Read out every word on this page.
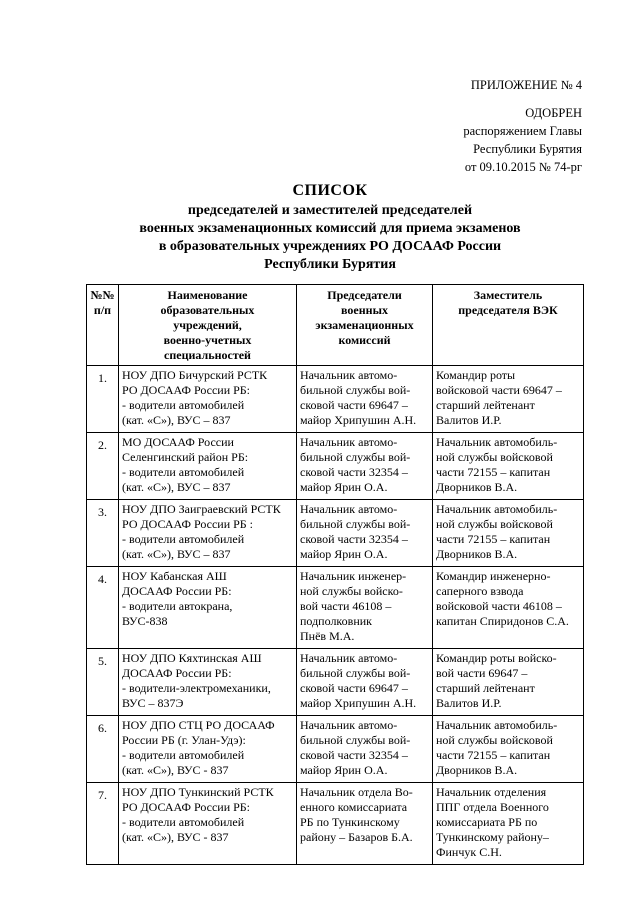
ПРИЛОЖЕНИЕ № 4
ОДОБРЕН
распоряжением Главы
Республики Бурятия
от 09.10.2015 № 74-рг
СПИСОК
председателей и заместителей председателей
военных экзаменационных комиссий для приема экзаменов
в образовательных учреждениях РО ДОСААФ России
Республики Бурятия
№№
п/п	Наименование
образовательных
учреждений,
военно-учетных
специальностей	Председатели
военных
экзаменационных
комиссий	Заместитель
председателя ВЭК

1.	НОУ ДПО Бичурский РСТК
РО ДОСААФ России РБ:
- водители автомобилей
(кат. «С»), ВУС – 837	Начальник автомо-
бильной службы вой-
сковой части 69647 –
майор Хрипушин А.Н.	Командир роты
войсковой части 69647 –
старший лейтенант
Валитов И.Р.

2.	МО ДОСААФ России
Селенгинский район РБ:
- водители автомобилей
(кат. «С»), ВУС – 837	Начальник автомо-
бильной службы вой-
сковой части 32354 –
майор Ярин О.А.	Начальник автомобиль-
ной службы войсковой
части 72155 – капитан
Дворников В.А.

3.	НОУ ДПО Заиграевский РСТК
РО ДОСААФ России РБ :
- водители автомобилей
(кат. «С»), ВУС – 837	Начальник автомо-
бильной службы вой-
сковой части 32354 –
майор Ярин О.А.	Начальник автомобиль-
ной службы войсковой
части 72155 – капитан
Дворников В.А.

4.	НОУ Кабанская АШ
ДОСААФ России РБ:
- водители автокрана,
ВУС-838	Начальник инженер-
ной службы войско-
вой части 46108 –
подполковник
Пнёв М.А.	Командир инженерно-
саперного взвода
войсковой части 46108 –
капитан Спиридонов С.А.

5.	НОУ ДПО Кяхтинская АШ
ДОСААФ России РБ:
- водители-электромеханики,
ВУС – 837Э	Начальник автомо-
бильной службы вой-
сковой части 69647 –
майор Хрипушин А.Н.	Командир роты войско-
вой части 69647 –
старший лейтенант
Валитов И.Р.

6.	НОУ ДПО СТЦ РО ДОСААФ
России РБ (г. Улан-Удэ):
- водители автомобилей
(кат. «С»), ВУС - 837	Начальник автомо-
бильной службы вой-
сковой части 32354 –
майор Ярин О.А.	Начальник автомобиль-
ной службы войсковой
части 72155 – капитан
Дворников В.А.

7.	НОУ ДПО Тункинский РСТК
РО ДОСААФ России РБ:
- водители автомобилей
(кат. «С»), ВУС - 837	Начальник отдела Во-
енного комиссариата
РБ по Тункинскому
району – Базаров Б.А.	Начальник отделения
ППГ отдела Военного
комиссариата РБ по
Тункинскому району–
Финчук С.Н.
